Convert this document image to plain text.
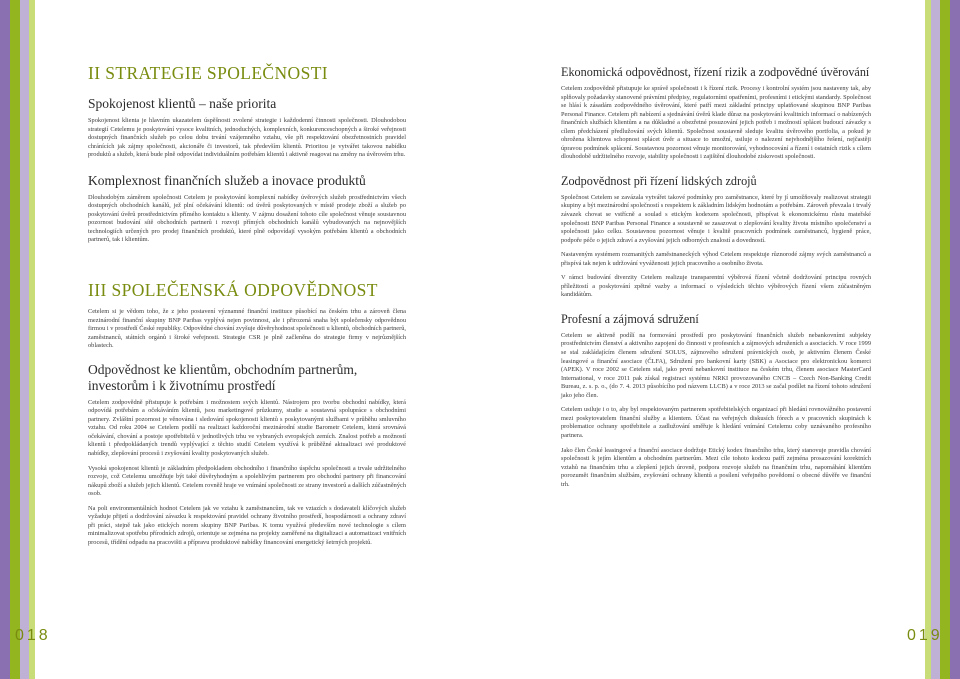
II STRATEGIE SPOLEČNOSTI
Spokojenost klientů – naše priorita

Spokojenost klienta je hlavním ukazatelem úspěšnosti zvolené strategie i každodenní činnosti společnosti. Dlouhodobou strategií Cetelemu je poskytování vysoce kvalitních, jednoduchých, komplexních, konkurenceschopných a široké veřejnosti dostupných finančních služeb po celou dobu trvání vzájemného vztahu, vše při respektování obezřetnostních pravidel chránících jak zájmy společnosti, akcionáře či investorů, tak především klientů. Prioritou je vytvářet takovou nabídku produktů a služeb, která bude plně odpovídat individuálním potřebám klientů i aktivně reagovat na změny na úvěrovém trhu.

Komplexnost finančních služeb a inovace produktů

Dlouhodobým záměrem společnosti Cetelem je poskytování komplexní nabídky úvěrových služeb prostřednictvím všech dostupných obchodních kanálů, jež plní očekávání klientů: od úvěrů poskytovaných v místě prodeje zboží a služeb po poskytování úvěrů prostřednictvím přímého kontaktu s klienty. V zájmu dosažení tohoto cíle společnost věnuje soustavnou pozornost budování sítě obchodních partnerů i rozvoji přímých obchodních kanálů vybudovaných na nejnovějších technologiích určených pro prodej finančních produktů, které plně odpovídají vysokým potřebám klientů a obchodních partnerů, tak i klientům.

III SPOLEČENSKÁ ODPOVĚDNOST

Cetelem si je vědom toho, že z jeho postavení významné finanční instituce působící na českém trhu a zároveň člena mezinárodní finanční skupiny BNP Paribas vyplývá nejen povinnost, ale i přirozená snaha být společensky odpovědnou firmou i v prostředí České republiky. Odpovědné chování zvyšuje důvěryhodnost společnosti u klientů, obchodních partnerů, zaměstnanců, státních orgánů i široké veřejnosti. Strategie CSR je plně začleněna do strategie firmy v nejrůznějších oblastech.

Odpovědnost ke klientům, obchodním partnerům, investorům i k životnímu prostředí

Cetelem zodpovědně přistupuje k potřebám i možnostem svých klientů. Nástrojem pro tvorbu obchodní nabídky, která odpovídá potřebám a očekáváním klientů, jsou marketingové průzkumy, studie a soustavná spolupráce s obchodními partnery. Zvláštní pozornost je věnována i sledování spokojenosti klientů s poskytovanými službami v průběhu smluvního vztahu. Od roku 2004 se Cetelem podílí na realizaci každoroční mezinárodní studie Barometr Cetelem, která srovnává očekávání, chování a postoje spotřebitelů v jednotlivých trhu ve vybraných evropských zemích. Znalost potřeb a možností klientů i předpokládaných trendů vyplývající z těchto studií Cetelem využívá k průběžné aktualizaci své produktové nabídky, zlepšování procesů i zvyšování kvality poskytovaných služeb.

Vysoká spokojenost klientů je základním předpokladem obchodního i finančního úspěchu společnosti a trvale udržitelného rozvoje, což Cetelemu umožňuje být také důvěryhodným a spolehlivým partnerem pro obchodní partnery při financování nákupů zboží a služeb jejich klientů. Cetelem rovněž hraje ve vnímání společnosti ze strany investorů a dalších zúčastněných osob.

Na poli environmentálních hodnot Cetelem jak ve vztahu k zaměstnancům, tak ve vztazích s dodavateli klíčových služeb vyžaduje přijetí a dodržování závazku k respektování pravidel ochrany životního prostředí, hospodárnosti a ochrany zdraví při práci, stejně tak jako etických norem skupiny BNP Paribas. K tomu využívá především nové technologie s cílem minimalizovat spotřebu přírodních zdrojů, orientuje se zejména na projekty zaměřené na digitalizaci a automatizaci vnitřních procesů, třídění odpadu na pracovišti a přípravu produktové nabídky financování energetický šetrných projektů.

018
Ekonomická odpovědnost, řízení rizik a zodpovědné úvěrování

Cetelem zodpovědně přistupuje ke správě společnosti i k řízení rizik. Procesy i kontrolní systém jsou nastaveny tak, aby splňovaly požadavky stanovené právními předpisy, regulatorními opatřeními, profesními i etickými standardy. Společnost se hlásí k zásadám zodpovědného úvěrování, které patří mezi základní principy uplatňované skupinou BNP Paribas Personal Finance. Cetelem při nabízení a sjednávání úvěrů klade důraz na poskytování kvalitních informací o nabízených finančních službách klientům a na důkladné a obezřetné posuzování jejich potřeb i možností splácet budoucí závazky s cílem předcházení předlužování svých klientů. Společnost soustavně sleduje kvalitu úvěrového portfolia, a pokud je ohrožena klientova schopnost splácet úvěr a situace to umožní, usiluje o nalezení nejvhodnějšího řešení, nejčastěji úpravou podmínek splácení. Soustavnou pozornost věnuje monitorování, vyhodnocování a řízení i ostatních rizik s cílem dlouhodobě udržitelného rozvoje, stability společnosti i zajištění dlouhodobé ziskovosti společnosti.

Zodpovědnost při řízení lidských zdrojů

Společnost Cetelem se zavázala vytvářet takové podmínky pro zaměstnance, které by jí umožňovaly realizovat strategii skupiny a být mezinárodní společností s respektem k základním lidským hodnotám a potřebám. Zároveň převzala i trvalý závazek chovat se vstřícně a soulad s etickým kodexem společnosti, přispívat k ekonomickému růstu mateřské společnosti BNP Paribas Personal Finance a soustavně se zasazovat o zlepšování kvality života místního společenství a společnosti jako celku. Soustavnou pozornost věnuje i kvalitě pracovních podmínek zaměstnanců, hygieně práce, podpoře péče o jejich zdraví a zvyšování jejich odborných znalostí a dovedností.

Nastaveným systémem rozmanitých zaměstnaneckých výhod Cetelem respektuje různorodé zájmy svých zaměstnanců a přispívá tak nejen k udržování vyváženosti jejich pracovního a osobního života.

V rámci budování diverzity Cetelem realizuje transparentní výběrová řízení včetně dodržování principu rovných příležitostí a poskytování zpětné vazby a informací o výsledcích těchto výběrových řízení všem zúčastněným kandidátům.

Profesní a zájmová sdružení

Cetelem se aktivně podílí na formování prostředí pro poskytování finančních služeb nebankovními subjekty prostřednictvím členství a aktivního zapojení do činnosti v profesních a zájmových sdruženích a asociacích. V roce 1999 se stal zakládajícím členem sdružení SOLUS, zájmového sdružení právnických osob, je aktivním členem České leasingové a finanční asociace (ČLFA), Sdružení pro bankovní karty (SBK) a Asociace pro elektronickou komerci (APEK). V roce 2002 se Cetelem stal, jako první nebankovní instituce na českém trhu, členem asociace MasterCard International, v roce 2011 pak získal registraci systému NRKI provozovaného CNCB – Czech Non-Banking Credit Bureau, z. s. p. o., (do 7. 4. 2013 působícího pod názvem LLCB) a v roce 2013 se začal podílet na řízení tohoto sdružení jako jeho člen.

Cetelem usiluje i o to, aby byl respektovaným partnerem spotřebitelských organizací při hledání rovnovážného postavení mezi poskytovatelem finanční služby a klientem. Účast na veřejných diskusích fórech a v pracovních skupinách k problematice ochrany spotřebitele a zadlužování směřuje k hledání vnímání Cetelemu coby uznávaného profesního partnera.

Jako člen České leasingové a finanční asociace dodržuje Etický kodex finančního trhu, který stanovuje pravidla chování společnosti k jejím klientům a obchodním partnerům. Mezi cíle tohoto kodexu patří zejména prosazování korektních vztahů na finančním trhu a zlepšení jejich úrovně, podpora rozvoje služeb na finančním trhu, napomáhání klientům porozumět finančním službám, zvyšování ochrany klientů a posílení veřejného povědomí o obecné důvěře ve finanční trh.

019
